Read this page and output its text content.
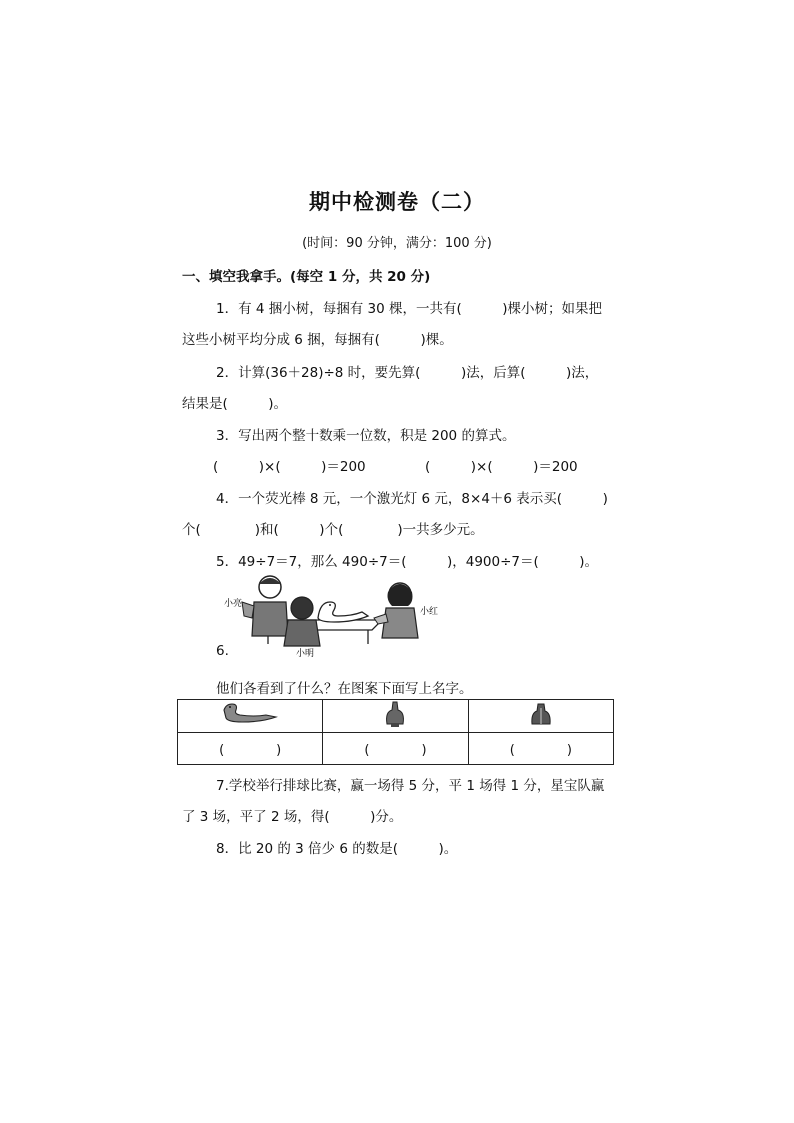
期中检测卷（二）
(时间：90 分钟，满分：100 分)
一、填空我拿手。(每空 1 分，共 20 分)
1．有 4 捆小树，每捆有 30 棵，一共有(　　　)棵小树；如果把
这些小树平均分成 6 捆，每捆有(　　　)棵。
2．计算(36＋28)÷8 时，要先算(　　　)法，后算(　　　)法，
结果是(　　　)。
3．写出两个整十数乘一位数，积是 200 的算式。
(　　　)×(　　　)＝200	(　　　)×(　　　)＝200
4．一个荧光棒 8 元，一个激光灯 6 元，8×4＋6 表示买(　　　)
个(　　　　)和(　　　)个(　　　　)一共多少元。
5．49÷7＝7，那么 490÷7＝(　　　)，4900÷7＝(　　　)。
小亮
小红
小明
6.
他们各看到了什么？在图案下面写上名字。

(　　　　)	(　　　　)	(　　　　)
7.学校举行排球比赛，赢一场得 5 分，平 1 场得 1 分，星宝队赢
了 3 场，平了 2 场，得(　　　)分。
8．比 20 的 3 倍少 6 的数是(　　　)。
